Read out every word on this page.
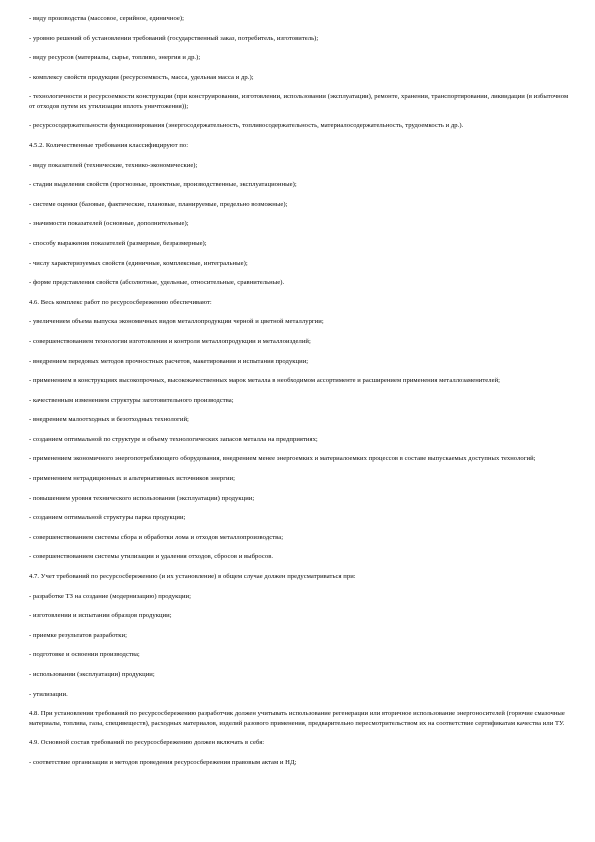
- виду производства (массовое, серийное, единичное);

- уровню решений об установлении требований (государственный заказ, потребитель, изготовитель);

- виду ресурсов (материалы, сырье, топливо, энергия и др.);

- комплексу свойств продукции (ресурсоемкость, масса, удельная масса и др.);

- технологичности и ресурсоемкости конструкции (при конструировании, изготовлении, использовании (эксплуатации), ремонте, хранении, транспортировании, ликвидации (в избыточном от отходов путем их утилизации вплоть уничтожения));

- ресурсосодержательности функционирования (энергосодержательность, топливосодержательность, материалосодержательность, трудоемкость и др.).

4.5.2. Количественные требования классифицируют по:

- виду показателей (технические, технико-экономические);

- стадии выделения свойств (прогнозные, проектные, производственные, эксплуатационные);

- системе оценки (базовые, фактические, плановые, планируемые, предельно возможные);

- значимости показателей (основные, дополнительные);

- способу выражения показателей (размерные, безразмерные);

- числу характеризуемых свойств (единичные, комплексные, интегральные);

- форме представления свойств (абсолютные, удельные, относительные, сравнительные).

4.6. Весь комплекс работ по ресурсосбережению обеспечивают:

- увеличением объема выпуска экономичных видов металлопродукции черной и цветной металлургии;

- совершенствованием технологии изготовления и контроля металлопродукции и металлоизделий;

- внедрением передовых методов прочностных расчетов, макетирования и испытания продукции;

- применением в конструкциях высокопрочных, высококачественных марок металла в необходимом ассортименте и расширением применения металлозаменителей;

- качественным изменением структуры заготовительного производства;

- внедрением малоотходных и безотходных технологий;

- созданием оптимальной по структуре и объему технологических запасов металла на предприятиях;

- применением экономичного энергопотребляющего оборудования, внедрением менее энергоемких и материалоемких процессов в составе выпускаемых доступных технологий;

- применением нетрадиционных и альтернативных источников энергии;

- повышением уровня технического использования (эксплуатации) продукции;

- созданием оптимальной структуры парка продукции;

- совершенствованием системы сбора и обработки лома и отходов металлопроизводства;

- совершенствованием системы утилизации и удаления отходов, сбросов и выбросов.

4.7. Учет требований по ресурсосбережению (и их установление) в общем случае должен предусматриваться при:

- разработке ТЗ на создание (модернизацию) продукции;

- изготовлении и испытании образцов продукции;

- приемке результатов разработки;

- подготовке и освоении производства;

- использовании (эксплуатации) продукции;

- утилизации.

4.8. При установлении требований по ресурсосбережению разработчик должен учитывать использование регенерации или вторичное использование энергоносителей (горючие смазочные материалы, топлива, газы, специвеществ), расходных материалов, изделий разового применения, предварительно пересмотрительством их на соответствие сертификатам качества или ТУ.

4.9. Основной состав требований по ресурсосбережению должен включать в себя:

- соответствие организации и методов проведения ресурсосбережения правовым актам и НД;
